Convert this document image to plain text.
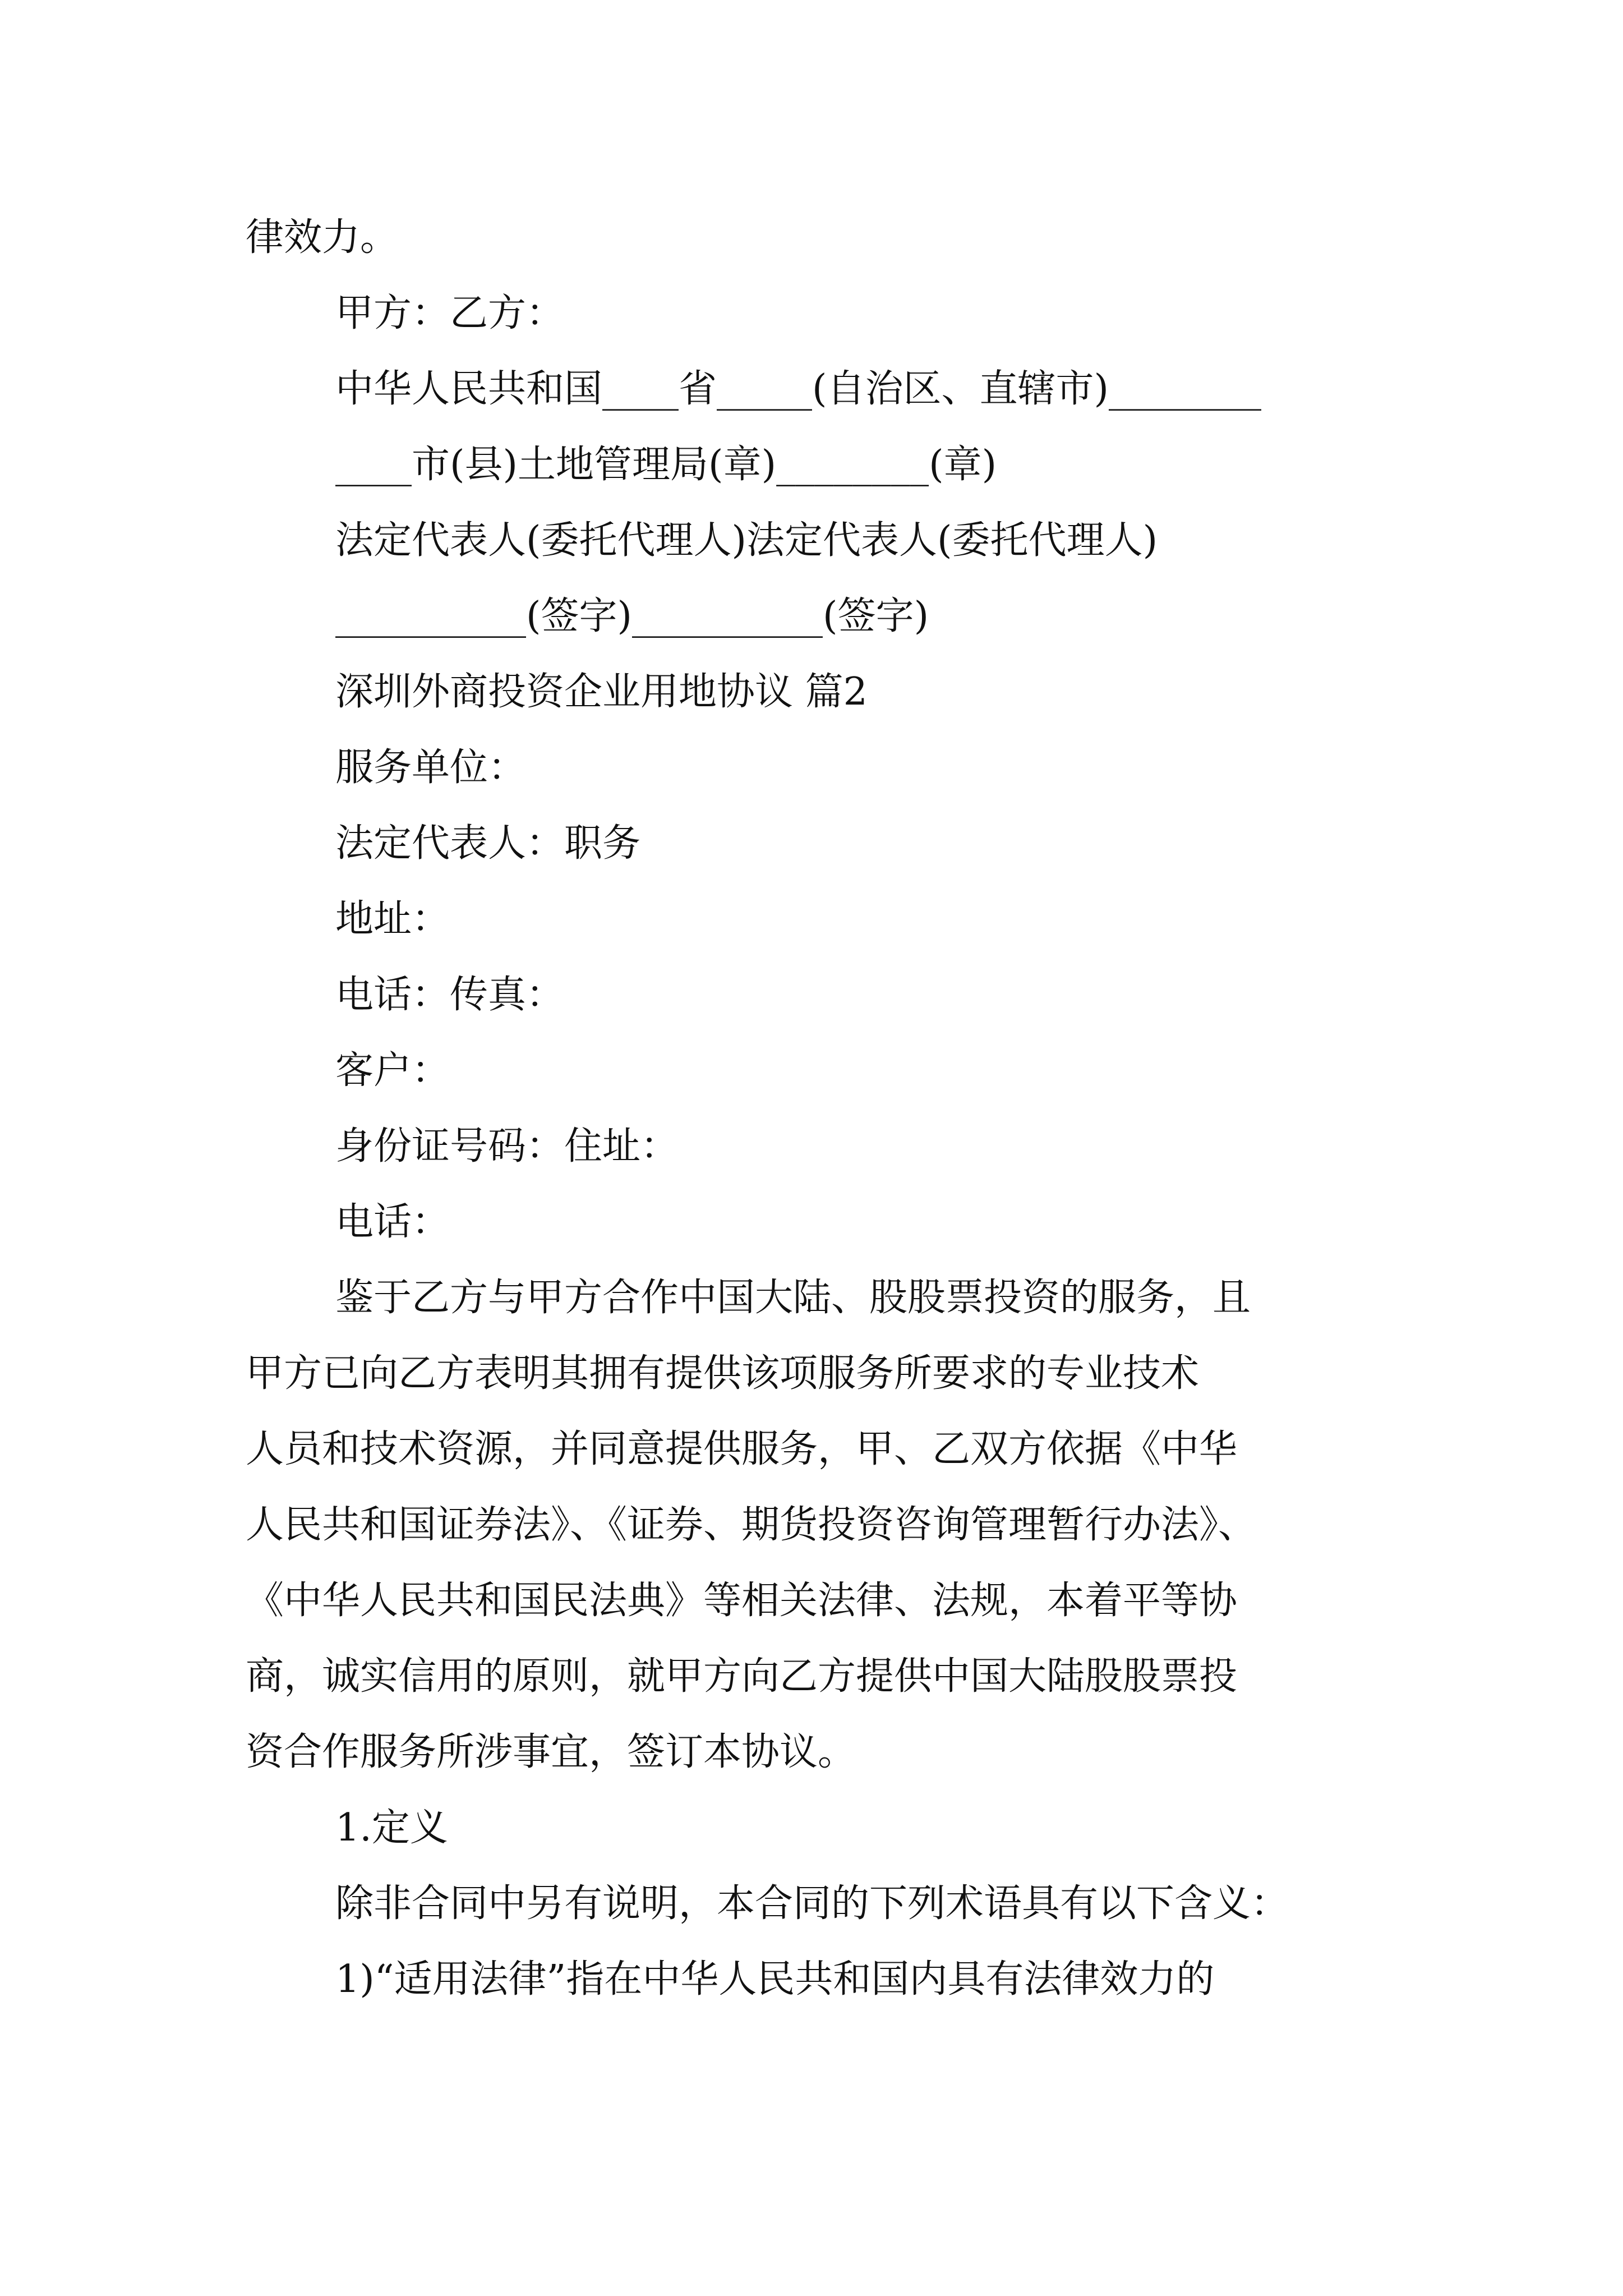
律效力。
甲方：乙方：
中华人民共和国____省_____(自治区、直辖市)________
____市(县)土地管理局(章)________(章)
法定代表人(委托代理人)法定代表人(委托代理人)
__________(签字)__________(签字)
深圳外商投资企业用地协议 篇2
服务单位：
法定代表人：职务
地址：
电话：传真：
客户：
身份证号码：住址：
电话：
鉴于乙方与甲方合作中国大陆、股股票投资的服务，且
甲方已向乙方表明其拥有提供该项服务所要求的专业技术
人员和技术资源，并同意提供服务，甲、乙双方依据《中华
人民共和国证券法》、《证券、期货投资咨询管理暂行办法》、
《中华人民共和国民法典》等相关法律、法规，本着平等协
商，诚实信用的原则，就甲方向乙方提供中国大陆股股票投
资合作服务所涉事宜，签订本协议。
1.定义
除非合同中另有说明，本合同的下列术语具有以下含义：
1)“适用法律”指在中华人民共和国内具有法律效力的
